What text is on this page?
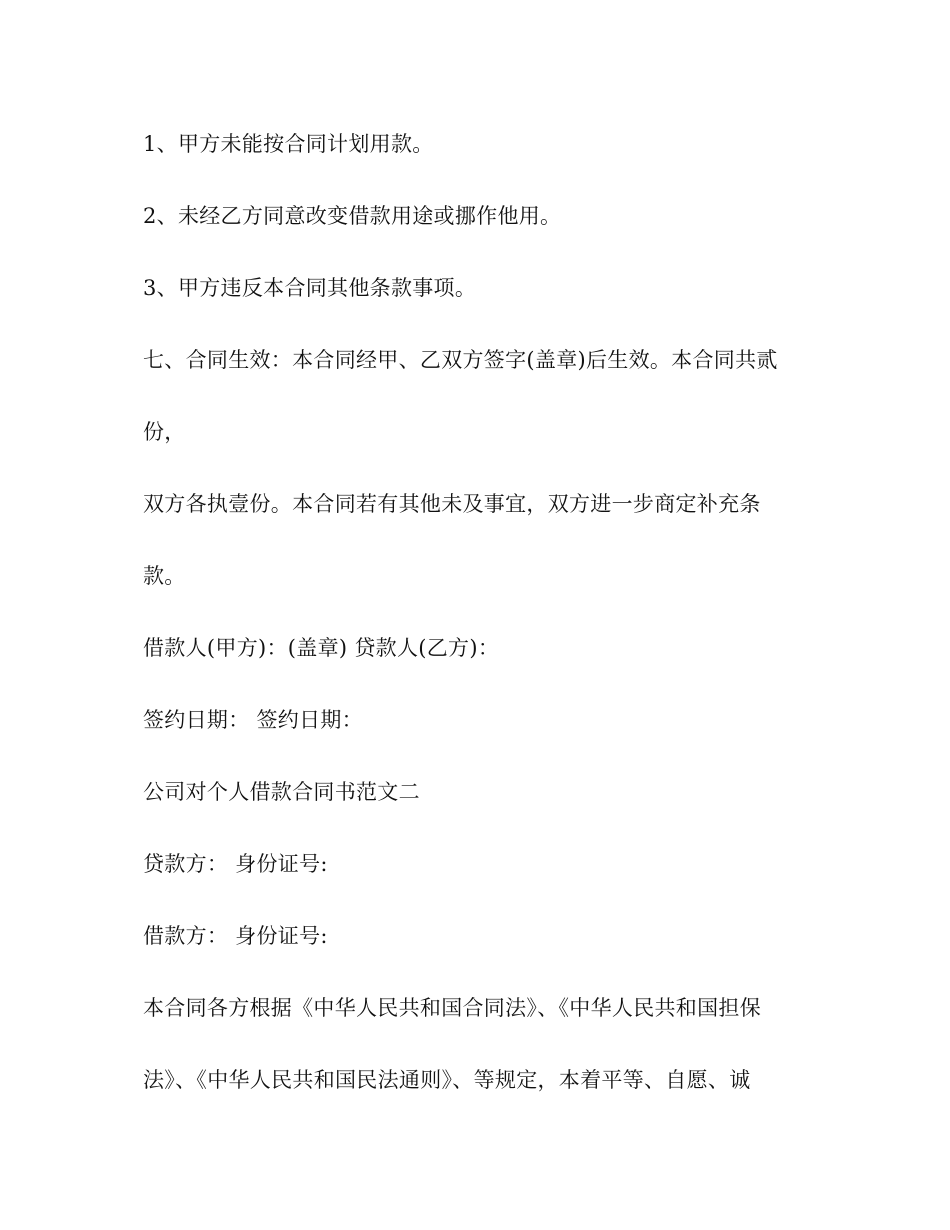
1、甲方未能按合同计划用款。
2、未经乙方同意改变借款用途或挪作他用。
3、甲方违反本合同其他条款事项。
七、合同生效：本合同经甲、乙双方签字(盖章)后生效。本合同共贰
份，
双方各执壹份。本合同若有其他未及事宜，双方进一步商定补充条
款。
借款人(甲方)：(盖章) 贷款人(乙方)：
签约日期： 签约日期：
公司对个人借款合同书范文二
贷款方： 身份证号:
借款方： 身份证号:
本合同各方根据《中华人民共和国合同法》、《中华人民共和国担保
法》、《中华人民共和国民法通则》、等规定，本着平等、自愿、诚
